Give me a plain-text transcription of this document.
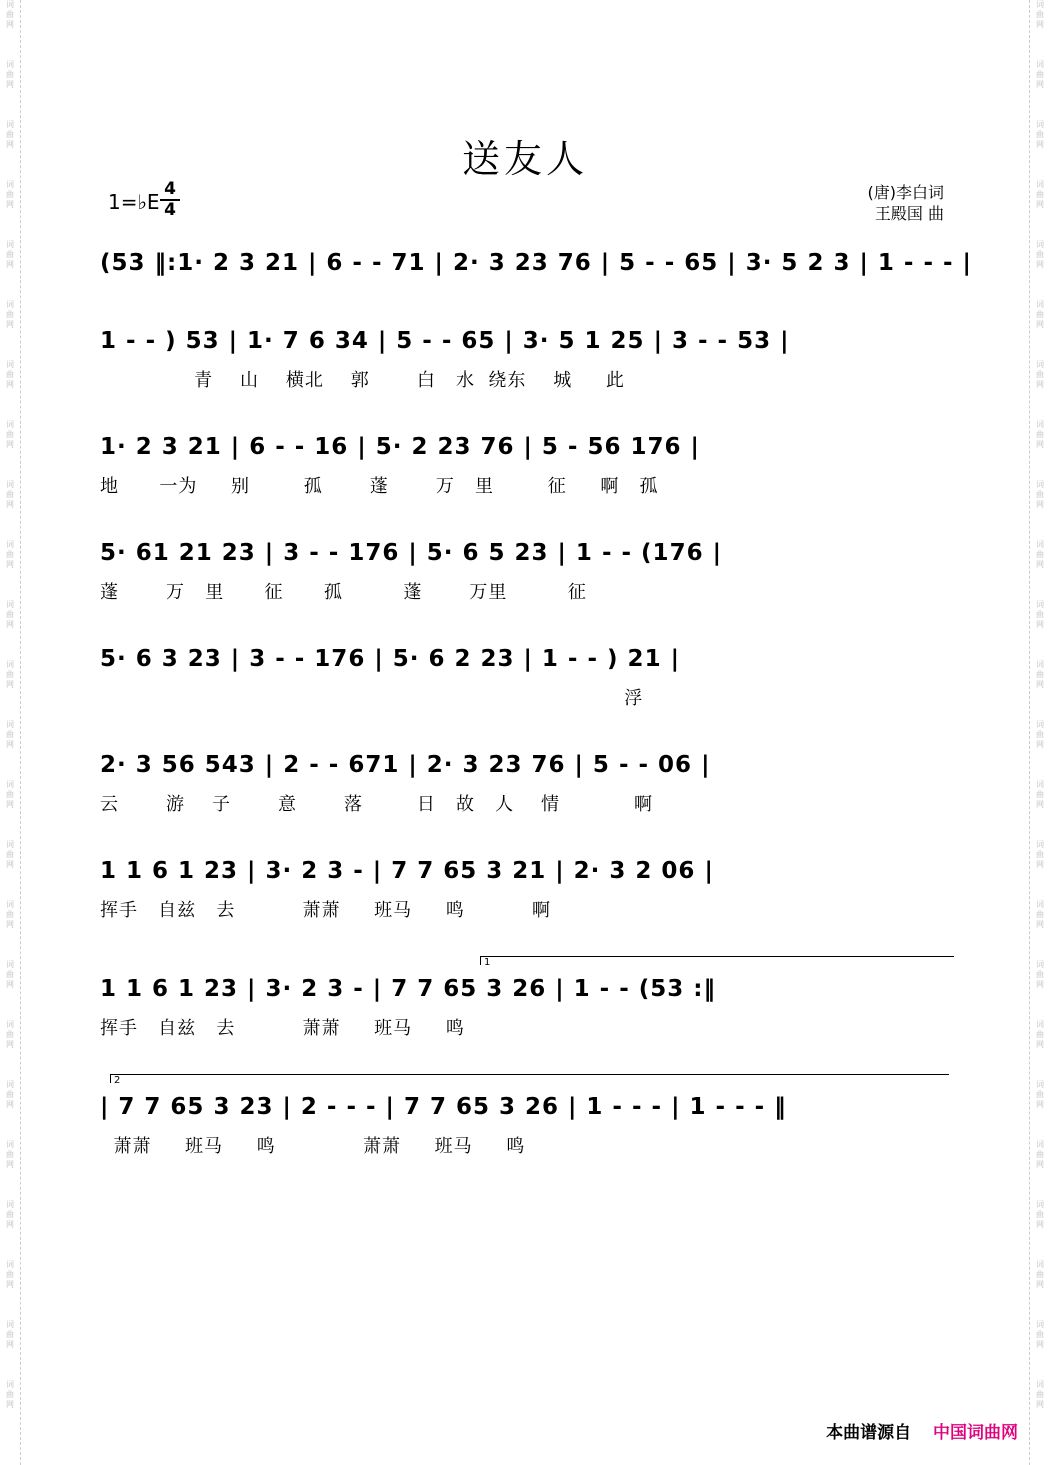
词
曲
网
词
曲
网
词
曲
网
词
曲
网
词
曲
网
词
曲
网
词
曲
网
词
曲
网
词
曲
网
词
曲
网
词
曲
网
词
曲
网
词
曲
网
词
曲
网
词
曲
网
词
曲
网
词
曲
网
词
曲
网
词
曲
网
词
曲
网
词
曲
网
词
曲
网
词
曲
网
词
曲
网
词
曲
网
词
曲
网
词
曲
网
词
曲
网
词
曲
网
词
曲
网
词
曲
网
词
曲
网
词
曲
网
词
曲
网
词
曲
网
词
曲
网
词
曲
网
词
曲
网
词
曲
网
词
曲
网
词
曲
网
词
曲
网
词
曲
网
词
曲
网
词
曲
网
词
曲
网
词
曲
网
词
曲
网
送友人
1=♭E
4
4
(唐)李白词
王殿国 曲
(53 ‖:1· 2 3 21 | 6 - - 71 | 2· 3 23 76 | 5 - - 65 | 3· 5 2 3 | 1 - - - |
1 - - ) 53 | 1· 7 6 34 | 5 - - 65 | 3· 5 1 25 | 3 - - 53 |
青    山    横北    郭       白   水  绕东    城     此
1· 2 3 21 | 6 - - 16 | 5· 2 23 76 | 5 - 56 176 |
地      一为     别        孤       蓬       万   里        征     啊   孤
5· 61 21 23 | 3 - - 176 | 5· 6 5 23 | 1 - - (176 |
蓬       万   里      征      孤         蓬       万里         征
5· 6 3 23 | 3 - - 176 | 5· 6 2 23 | 1 - - ) 21 |
浮
2· 3 56 543 | 2 - - 671 | 2· 3 23 76 | 5 - - 06 |
云       游    子       意       落        日   故   人    情           啊
1 1 6 1 23 | 3· 2 3 - | 7 7 65 3 21 | 2· 3 2 06 |
挥手   自兹   去          萧萧     班马     鸣          啊
1
1 1 6 1 23 | 3· 2 3 - | 7 7 65 3 26 | 1 - - (53 :‖
挥手   自兹   去          萧萧     班马     鸣
2
| 7 7 65 3 23 | 2 - - - | 7 7 65 3 26 | 1 - - - | 1 - - - ‖
萧萧     班马     鸣             萧萧     班马     鸣
本曲谱源自 中国词曲网
